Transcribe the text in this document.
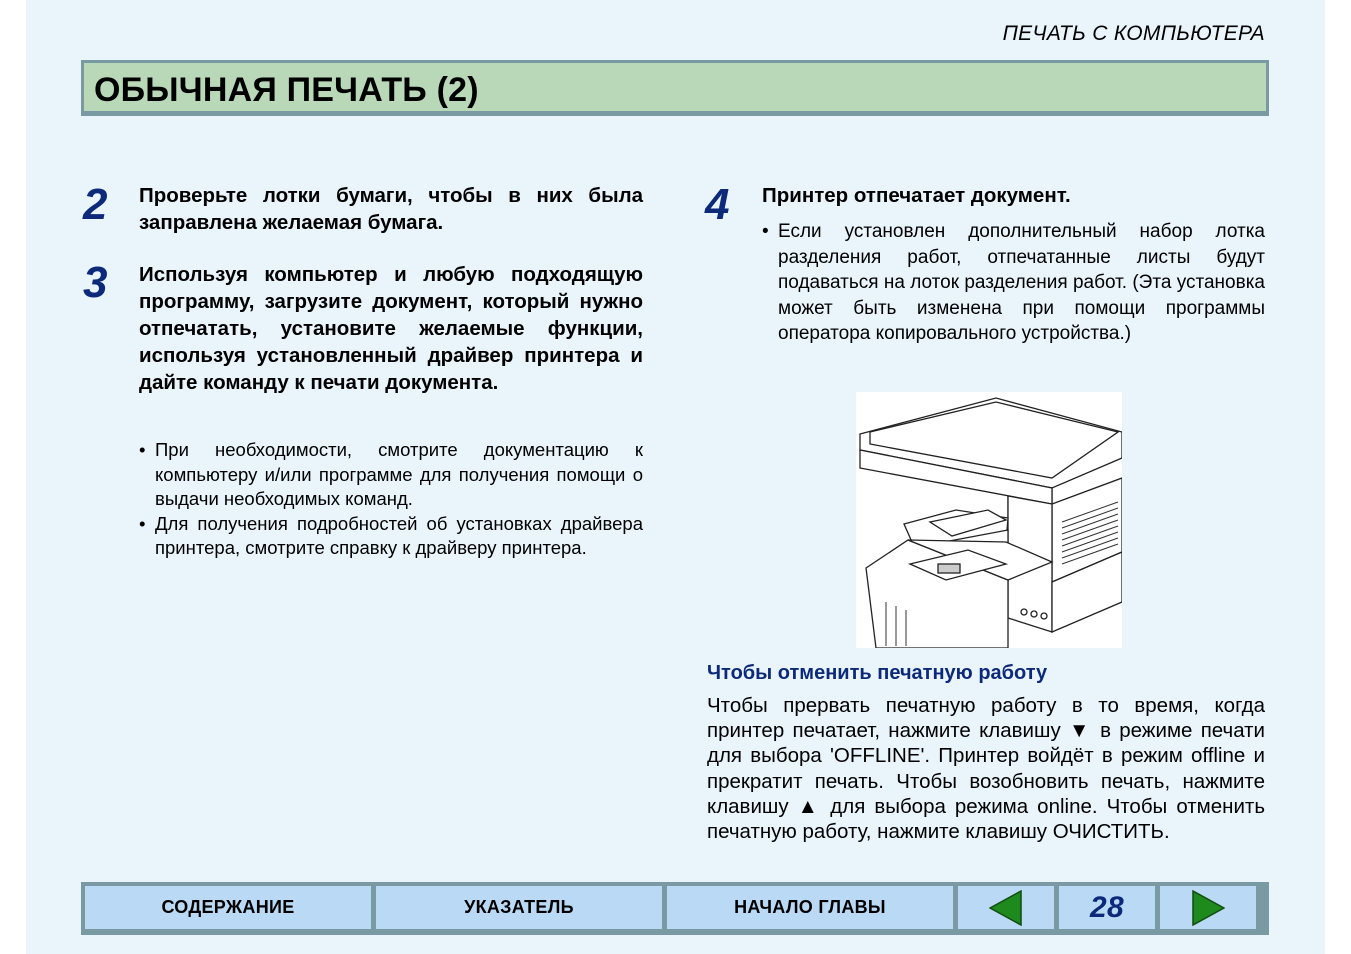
ПЕЧАТЬ С КОМПЬЮТЕРА
ОБЫЧНАЯ ПЕЧАТЬ (2)
2 Проверьте лотки бумаги, чтобы в них была заправлена желаемая бумага.
3 Используя компьютер и любую подходящую программу, загрузите документ, который нужно отпечатать, установите желаемые функции, используя установленный драйвер принтера и дайте команду к печати документа.
• При необходимости, смотрите документацию к компьютеру и/или программе для получения помощи о выдачи необходимых команд.
• Для получения подробностей об установках драйвера принтера, смотрите справку к драйверу принтера.
4 Принтер отпечатает документ.
• Если установлен дополнительный набор лотка разделения работ, отпечатанные листы будут подаваться на лоток разделения работ. (Эта установка может быть изменена при помощи программы оператора копировального устройства.)
Чтобы отменить печатную работу
Чтобы прервать печатную работу в то время, когда принтер печатает, нажмите клавишу ▼ в режиме печати для выбора 'OFFLINE'. Принтер войдёт в режим offline и прекратит печать. Чтобы возобновить печать, нажмите клавишу ▲ для выбора режима online. Чтобы отменить печатную работу, нажмите клавишу ОЧИСТИТЬ.
СОДЕРЖАНИЕ	УКАЗАТЕЛЬ	НАЧАЛО ГЛАВЫ	28
